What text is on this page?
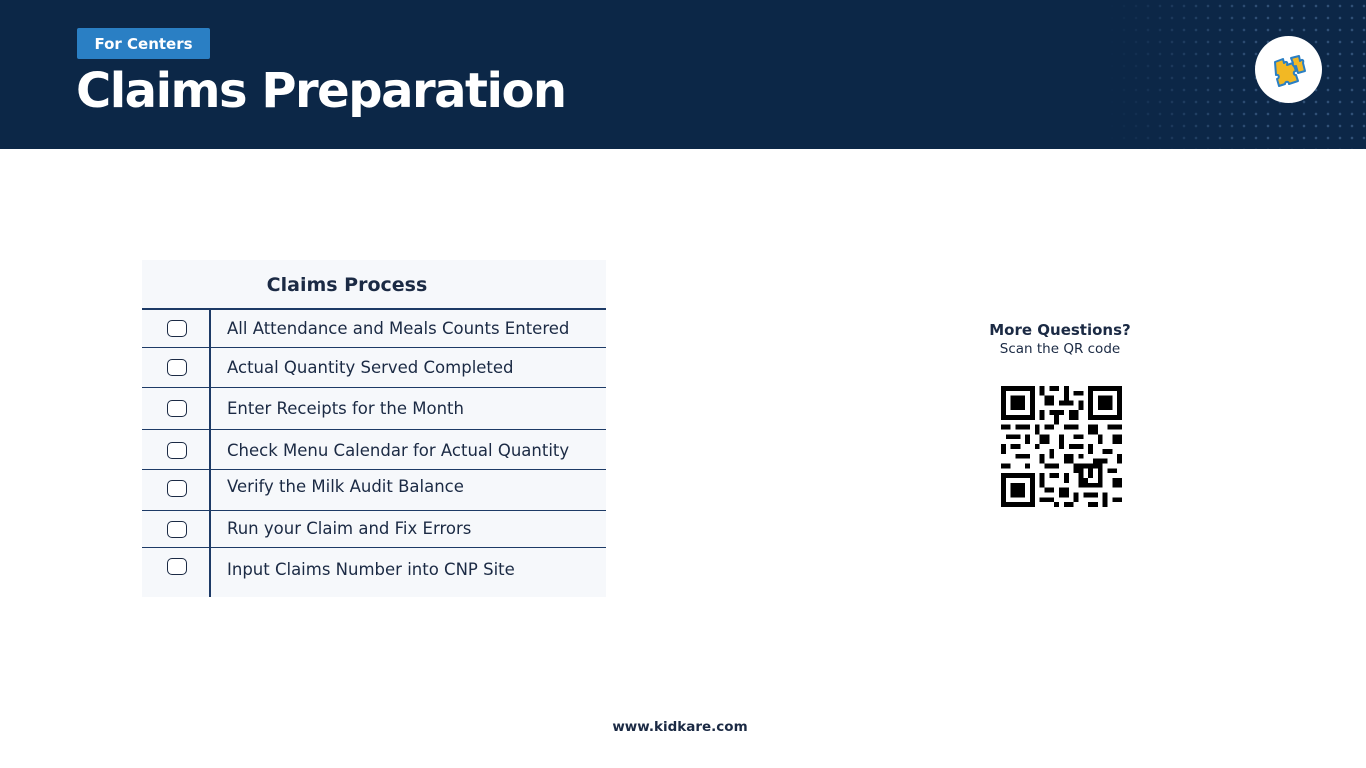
For Centers
Claims Preparation
Claims Process
All Attendance and Meals Counts Entered
Actual Quantity Served Completed
Enter Receipts for the Month
Check Menu Calendar for Actual Quantity
Verify the Milk Audit Balance
Run your Claim and Fix Errors
Input Claims Number into CNP Site
More Questions?
Scan the QR code
www.kidkare.com
